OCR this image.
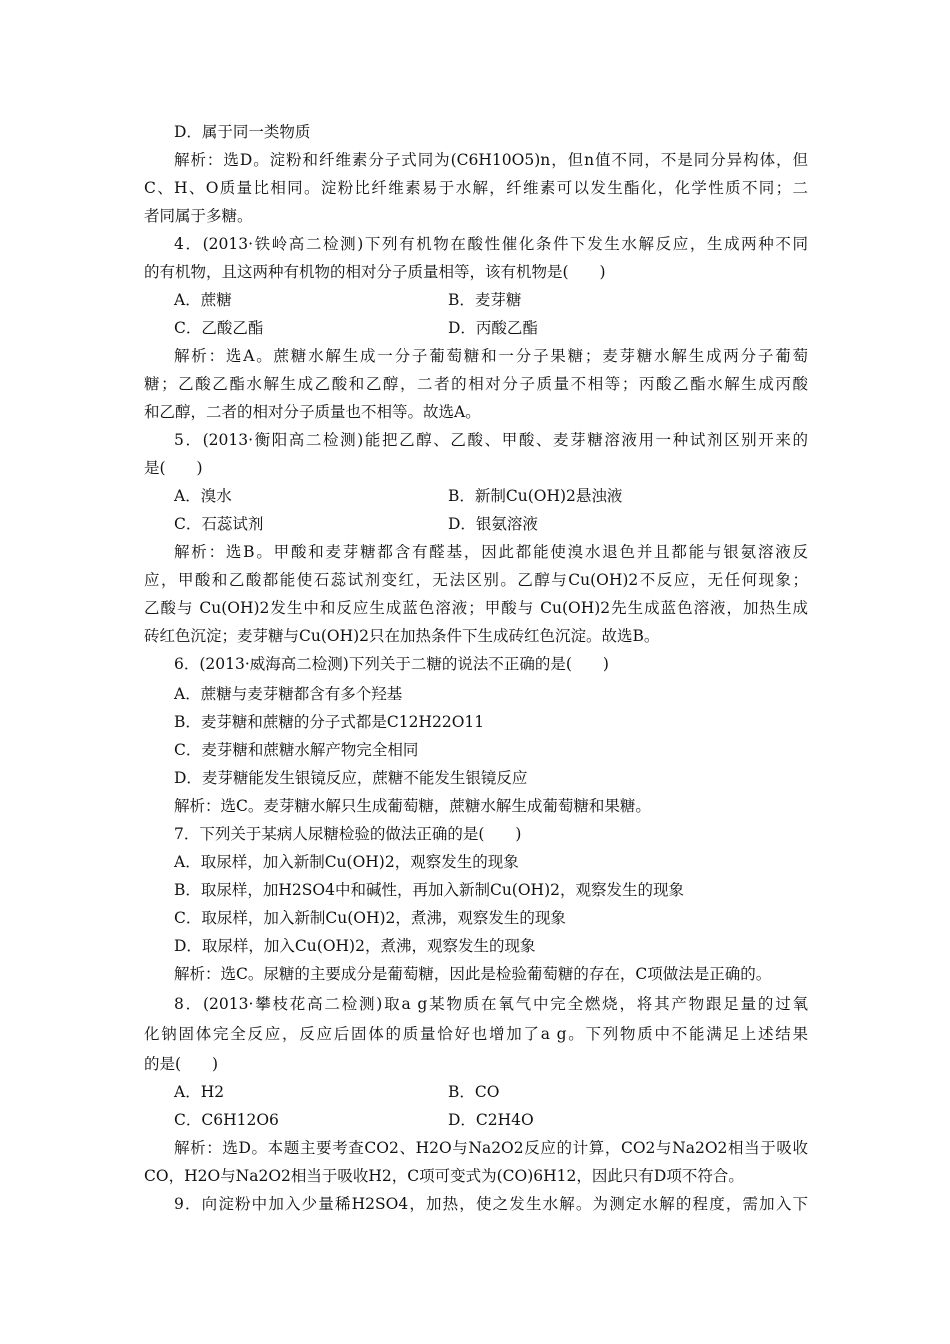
D．属于同一类物质
解析：选D。淀粉和纤维素分子式同为(C6H10O5)n，但n值不同，不是同分异构体，但
C、H、O质量比相同。淀粉比纤维素易于水解，纤维素可以发生酯化，化学性质不同；二
者同属于多糖。
4．(2013·铁岭高二检测)下列有机物在酸性催化条件下发生水解反应，生成两种不同
的有机物，且这两种有机物的相对分子质量相等，该有机物是(　　)
A．蔗糖	B．麦芽糖
C．乙酸乙酯	D．丙酸乙酯
解析：选A。蔗糖水解生成一分子葡萄糖和一分子果糖；麦芽糖水解生成两分子葡萄
糖；乙酸乙酯水解生成乙酸和乙醇，二者的相对分子质量不相等；丙酸乙酯水解生成丙酸
和乙醇，二者的相对分子质量也不相等。故选A。
5．(2013·衡阳高二检测)能把乙醇、乙酸、甲酸、麦芽糖溶液用一种试剂区别开来的
是(　　)
A．溴水	B．新制Cu(OH)2悬浊液
C．石蕊试剂	D．银氨溶液
解析：选B。甲酸和麦芽糖都含有醛基，因此都能使溴水退色并且都能与银氨溶液反
应，甲酸和乙酸都能使石蕊试剂变红，无法区别。乙醇与Cu(OH)2不反应，无任何现象；
乙酸与 Cu(OH)2发生中和反应生成蓝色溶液；甲酸与 Cu(OH)2先生成蓝色溶液，加热生成
砖红色沉淀；麦芽糖与Cu(OH)2只在加热条件下生成砖红色沉淀。故选B。
6．(2013·威海高二检测)下列关于二糖的说法不正确的是(　　)
A．蔗糖与麦芽糖都含有多个羟基
B．麦芽糖和蔗糖的分子式都是C12H22O11
C．麦芽糖和蔗糖水解产物完全相同
D．麦芽糖能发生银镜反应，蔗糖不能发生银镜反应
解析：选C。麦芽糖水解只生成葡萄糖，蔗糖水解生成葡萄糖和果糖。
7．下列关于某病人尿糖检验的做法正确的是(　　)
A．取尿样，加入新制Cu(OH)2，观察发生的现象
B．取尿样，加H2SO4中和碱性，再加入新制Cu(OH)2，观察发生的现象
C．取尿样，加入新制Cu(OH)2，煮沸，观察发生的现象
D．取尿样，加入Cu(OH)2，煮沸，观察发生的现象
解析：选C。尿糖的主要成分是葡萄糖，因此是检验葡萄糖的存在，C项做法是正确的。
8．(2013·攀枝花高二检测)取a g某物质在氧气中完全燃烧，将其产物跟足量的过氧
化钠固体完全反应，反应后固体的质量恰好也增加了a g。下列物质中不能满足上述结果
的是(　　)
A．H2	B．CO
C．C6H12O6	D．C2H4O
解析：选D。本题主要考查CO2、H2O与Na2O2反应的计算，CO2与Na2O2相当于吸收
CO，H2O与Na2O2相当于吸收H2，C项可变式为(CO)6H12，因此只有D项不符合。
9．向淀粉中加入少量稀H2SO4，加热，使之发生水解。为测定水解的程度，需加入下
